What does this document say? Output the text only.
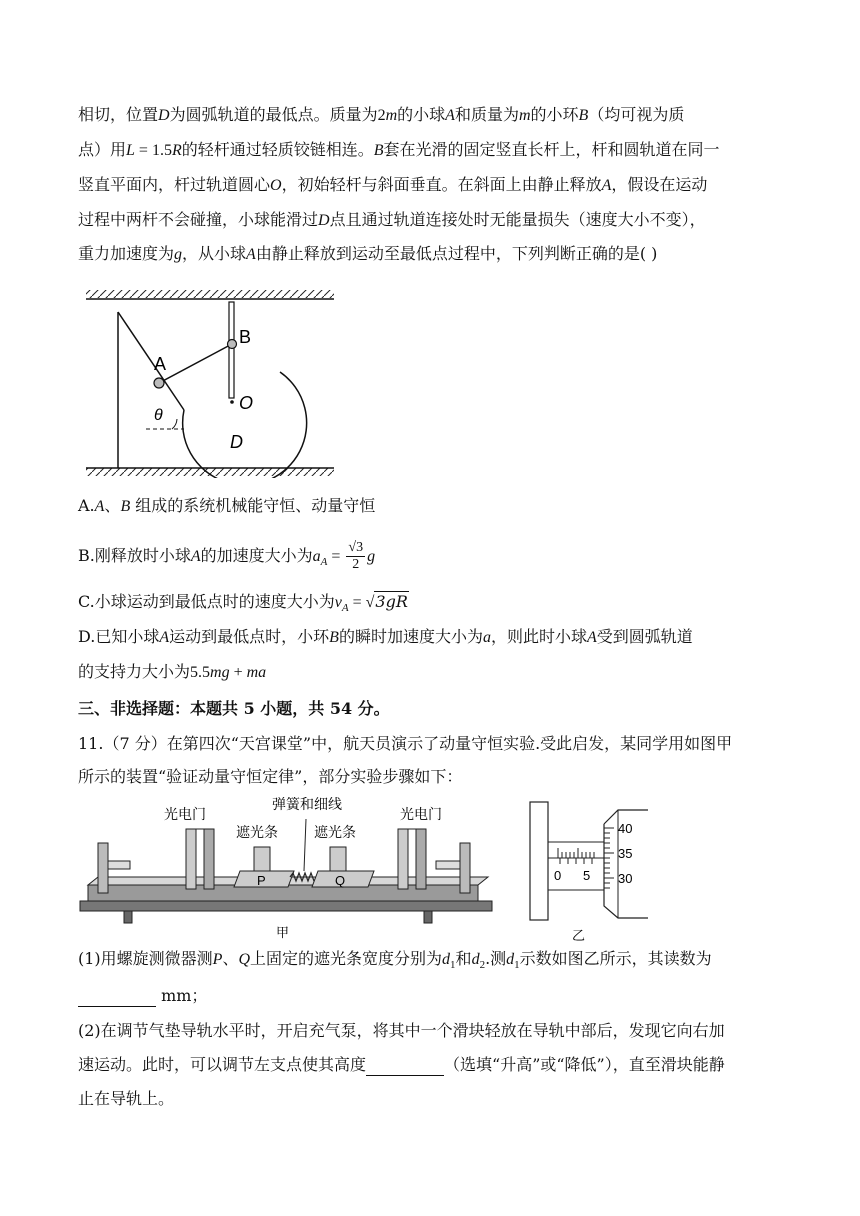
相切，位置D为圆弧轨道的最低点。质量为2m的小球A和质量为m的小环B（均可视为质
点）用L = 1.5R的轻杆通过轻质铰链相连。B套在光滑的固定竖直长杆上，杆和圆轨道在同一
竖直平面内，杆过轨道圆心O，初始轻杆与斜面垂直。在斜面上由静止释放A，假设在运动
过程中两杆不会碰撞，小球能滑过D点且通过轨道连接处时无能量损失（速度大小不变），
重力加速度为g，从小球A由静止释放到运动至最低点过程中，下列判断正确的是( )
A
B
O
D
θ
A.A、B 组成的系统机械能守恒、动量守恒
B.刚释放时小球A的加速度大小为$a_A = \frac{√3}{2}$ g
C.小球运动到最低点时的速度大小为$v_A = √3gR$
D.已知小球A运动到最低点时，小环B的瞬时加速度大小为a，则此时小球A受到圆弧轨道
的支持力大小为5.5mg + ma
三、非选择题：本题共 5 小题，共 54 分。
11.（7 分）在第四次“天宫课堂”中，航天员演示了动量守恒实验.受此启发，某同学用如图甲
所示的装置“验证动量守恒定律”，部分实验步骤如下：
光电门	光电门
弹簧和细线
遮光条	遮光条
P	Q
甲
40
35
30
0 5
乙
(1)用螺旋测微器测P、Q上固定的遮光条宽度分别为$d_1$和$d_2$.测$d_1$示数如图乙所示，其读数为
mm；
(2)在调节气垫导轨水平时，开启充气泵，将其中一个滑块轻放在导轨中部后，发现它向右加
速运动。此时，可以调节左支点使其高度	（选填“升高”或“降低”），直至滑块能静
止在导轨上。
